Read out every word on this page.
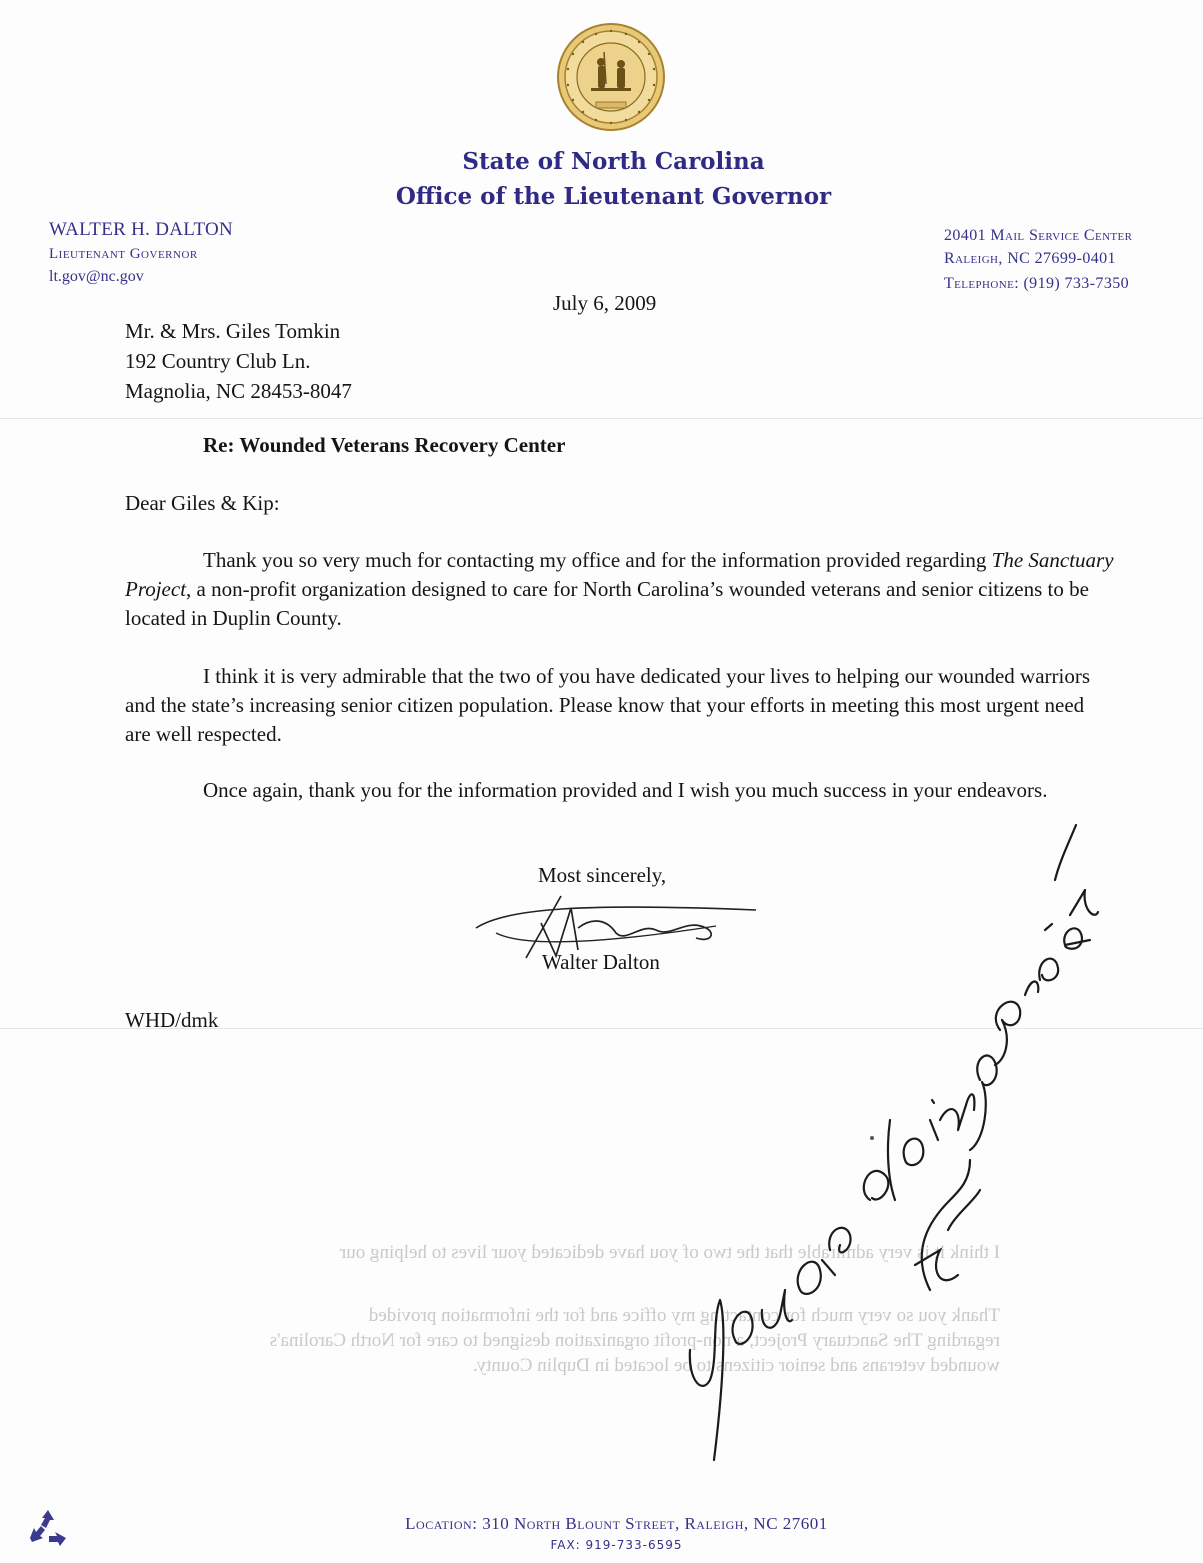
State of North Carolina
Office of the Lieutenant Governor
WALTER H. DALTON
Lieutenant Governor
lt.gov@nc.gov
20401 Mail Service Center
Raleigh, NC 27699-0401
Telephone: (919) 733-7350
July 6, 2009
Mr. & Mrs. Giles Tomkin
192 Country Club Ln.
Magnolia, NC 28453-8047
Re: Wounded Veterans Recovery Center
Dear Giles & Kip:
Thank you so very much for contacting my office and for the information provided regarding The Sanctuary Project, a non-profit organization designed to care for North Carolina’s wounded veterans and senior citizens to be located in Duplin County.
I think it is very admirable that the two of you have dedicated your lives to helping our wounded warriors and the state’s increasing senior citizen population. Please know that your efforts in meeting this most urgent need are well respected.
Once again, thank you for the information provided and I wish you much success in your endeavors.
Most sincerely,
Walter Dalton
WHD/dmk
I think it is very admirable that the two of you have dedicated your lives to helping our
Thank you so very much for contacting my office and for the information provided
regarding The Sanctuary Project, a non-profit organization designed to care for North Carolina's
wounded veterans and senior citizens to be located in Duplin County.
Location: 310 North Blount Street, Raleigh, NC 27601
FAX: 919-733-6595
